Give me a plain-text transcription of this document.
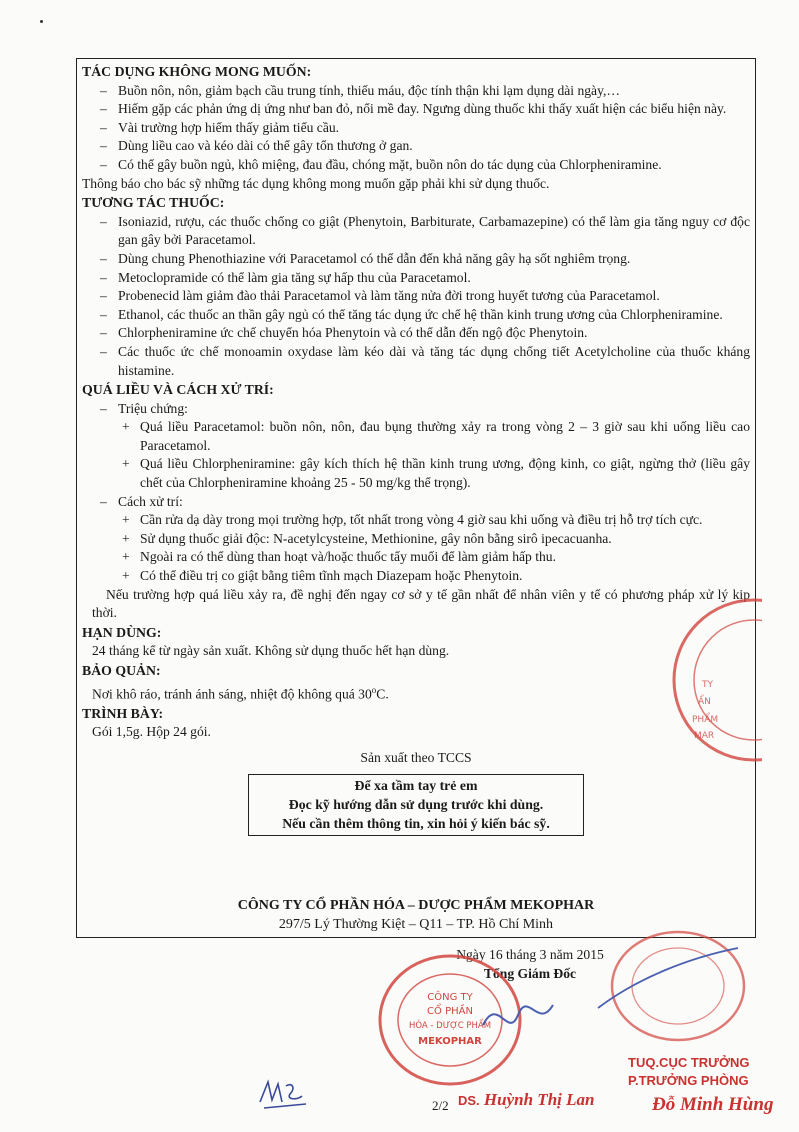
TÁC DỤNG KHÔNG MONG MUỐN:
– Buồn nôn, nôn, giảm bạch cầu trung tính, thiếu máu, độc tính thận khi lạm dụng dài ngày,…
– Hiếm gặp các phản ứng dị ứng như ban đỏ, nổi mề đay. Ngưng dùng thuốc khi thấy xuất hiện các biểu hiện này.
– Vài trường hợp hiếm thấy giảm tiểu cầu.
– Dùng liều cao và kéo dài có thể gây tổn thương ở gan.
– Có thể gây buồn ngủ, khô miệng, đau đầu, chóng mặt, buồn nôn do tác dụng của Chlorpheniramine.
Thông báo cho bác sỹ những tác dụng không mong muốn gặp phải khi sử dụng thuốc.
TƯƠNG TÁC THUỐC:
– Isoniazid, rượu, các thuốc chống co giật (Phenytoin, Barbiturate, Carbamazepine) có thể làm gia tăng nguy cơ độc gan gây bởi Paracetamol.
– Dùng chung Phenothiazine với Paracetamol có thể dẫn đến khả năng gây hạ sốt nghiêm trọng.
– Metoclopramide có thể làm gia tăng sự hấp thu của Paracetamol.
– Probenecid làm giảm đào thải Paracetamol và làm tăng nửa đời trong huyết tương của Paracetamol.
– Ethanol, các thuốc an thần gây ngủ có thể tăng tác dụng ức chế hệ thần kinh trung ương của Chlorpheniramine.
– Chlorpheniramine ức chế chuyển hóa Phenytoin và có thể dẫn đến ngộ độc Phenytoin.
– Các thuốc ức chế monoamin oxydase làm kéo dài và tăng tác dụng chống tiết Acetylcholine của thuốc kháng histamine.
QUÁ LIỀU VÀ CÁCH XỬ TRÍ:
– Triệu chứng:
+ Quá liều Paracetamol: buồn nôn, nôn, đau bụng thường xảy ra trong vòng 2 – 3 giờ sau khi uống liều cao Paracetamol.
+ Quá liều Chlorpheniramine: gây kích thích hệ thần kinh trung ương, động kinh, co giật, ngừng thở (liều gây chết của Chlorpheniramine khoảng 25 - 50 mg/kg thể trọng).
– Cách xử trí:
+ Cần rửa dạ dày trong mọi trường hợp, tốt nhất trong vòng 4 giờ sau khi uống và điều trị hỗ trợ tích cực.
+ Sử dụng thuốc giải độc: N-acetylcysteine, Methionine, gây nôn bằng sirô ipecacuanha.
+ Ngoài ra có thể dùng than hoạt và/hoặc thuốc tẩy muối để làm giảm hấp thu.
+ Có thể điều trị co giật bằng tiêm tĩnh mạch Diazepam hoặc Phenytoin.
Nếu trường hợp quá liều xảy ra, đề nghị đến ngay cơ sở y tế gần nhất để nhân viên y tế có phương pháp xử lý kịp thời.
HẠN DÙNG:
24 tháng kể từ ngày sản xuất. Không sử dụng thuốc hết hạn dùng.
BẢO QUẢN:
Nơi khô ráo, tránh ánh sáng, nhiệt độ không quá 30$^o$C.
TRÌNH BÀY:
Gói 1,5g. Hộp 24 gói.
Sản xuất theo TCCS
Để xa tầm tay trẻ em
Đọc kỹ hướng dẫn sử dụng trước khi dùng.
Nếu cần thêm thông tin, xin hỏi ý kiến bác sỹ.
CÔNG TY CỔ PHẦN HÓA – DƯỢC PHẨM MEKOPHAR
297/5 Lý Thường Kiệt – Q11 – TP. Hồ Chí Minh
Ngày 16 tháng 3 năm 2015
Tổng Giám Đốc
TY
ẨN
PHẨM
MAR
CÔNG TY
CỔ PHẦN
HÓA - DƯỢC PHẨM
MEKOPHAR
TUQ.CỤC TRƯỞNG
P.TRƯỞNG PHÒNG
Đỗ Minh Hùng
DS. Huỳnh Thị Lan
2/2
